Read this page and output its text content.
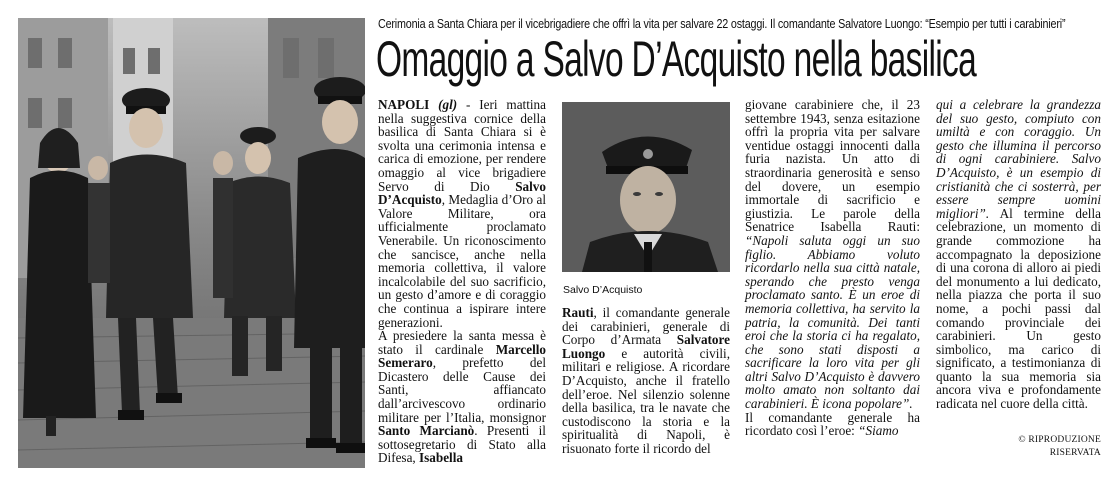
Cerimonia a Santa Chiara per il vicebrigadiere che offrì la vita per salvare 22 ostaggi. Il comandante Salvatore Luongo: “Esempio per tutti i carabinieri”
Omaggio a Salvo D’Acquisto nella basilica

NAPOLI (gl) - Ieri mattina nella suggestiva cornice della basilica di Santa Chiara si è svolta una cerimonia intensa e carica di emozione, per rendere omaggio al vice brigadiere Servo di Dio Salvo D’Acquisto, Medaglia d’Oro al Valore Militare, ora ufficialmente proclamato Venerabile. Un riconoscimento che sancisce, anche nella memoria collettiva, il valore incalcolabile del suo sacrificio, un gesto d’amore e di coraggio che continua a ispirare intere generazioni.

A presiedere la santa messa è stato il cardinale Marcello Semeraro, prefetto del Dicastero delle Cause dei Santi, affiancato dall’arcivescovo ordinario militare per l’Italia, monsignor Santo Marcianò. Presenti il sottosegretario di Stato alla Difesa, Isabella

Salvo D’Acquisto

Rauti, il comandante generale dei carabinieri, generale di Corpo d’Armata Salvatore Luongo e autorità civili, militari e religiose. A ricordare D’Acquisto, anche il fratello dell’eroe. Nel silenzio solenne della basilica, tra le navate che custodiscono la storia e la spiritualità di Napoli, è risuonato forte il ricordo del

giovane carabiniere che, il 23 settembre 1943, senza esitazione offrì la propria vita per salvare ventidue ostaggi innocenti dalla furia nazista. Un atto di straordinaria generosità e senso del dovere, un esempio immortale di sacrificio e giustizia. Le parole della Senatrice Isabella Rauti: “Napoli saluta oggi un suo figlio. Abbiamo voluto ricordarlo nella sua città natale, sperando che presto venga proclamato santo. È un eroe di memoria collettiva, ha servito la patria, la comunità. Dei tanti eroi che la storia ci ha regalato, che sono stati disposti a sacrificare la loro vita per gli altri Salvo D’Acquisto è davvero molto amato non soltanto dai carabinieri. È icona popolare”.

Il comandante generale ha ricordato così l’eroe: “Siamo

qui a celebrare la grandezza del suo gesto, compiuto con umiltà e con coraggio. Un gesto che illumina il percorso di ogni carabiniere. Salvo D’Acquisto, è un esempio di cristianità che ci sosterrà, per essere sempre uomini migliori”. Al termine della celebrazione, un momento di grande commozione ha accompagnato la deposizione di una corona di alloro ai piedi del monumento a lui dedicato, nella piazza che porta il suo nome, a pochi passi dal comando provinciale dei carabinieri. Un gesto simbolico, ma carico di significato, a testimonianza di quanto la sua memoria sia ancora viva e profondamente radicata nel cuore della città.

© RIPRODUZIONE
RISERVATA
